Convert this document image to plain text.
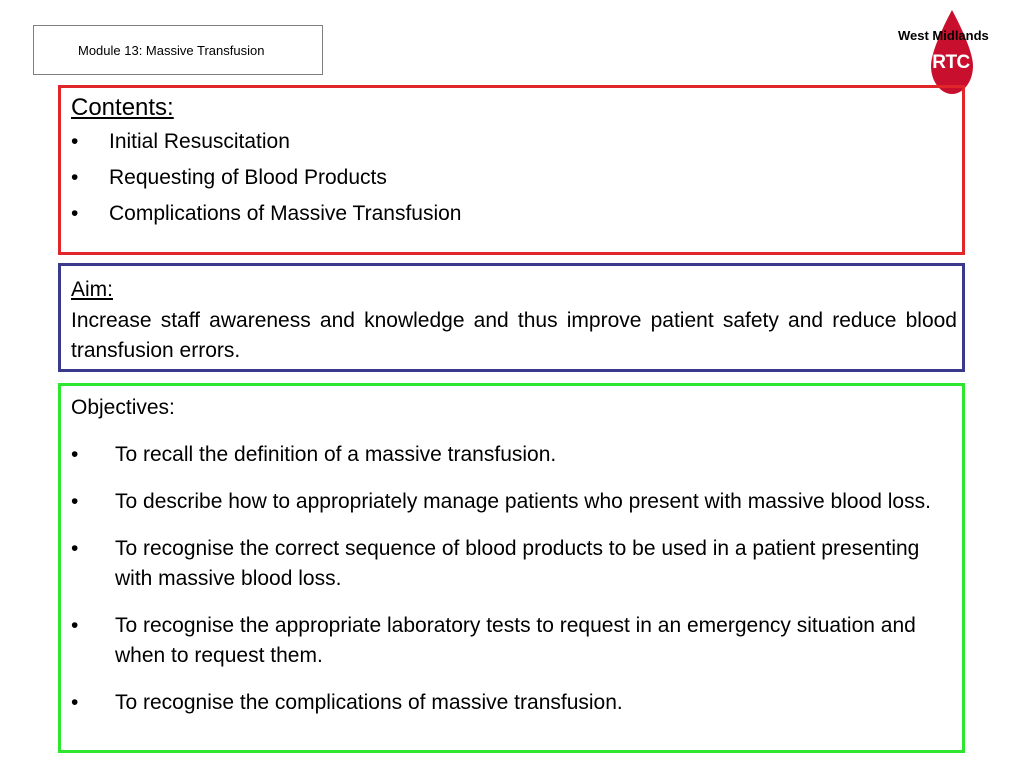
Module 13: Massive Transfusion
West Midlands
RTC
Contents:
•	Initial Resuscitation
•	Requesting of Blood Products
•	Complications of Massive Transfusion
Aim:
Increase staff awareness and knowledge and thus improve patient safety and reduce blood transfusion errors.
Objectives:
•	To recall the definition of a massive transfusion.
•	To describe how to appropriately manage patients who present with massive blood loss.
•	To recognise the correct sequence of blood products to be used in a patient presenting with massive blood loss.
•	To recognise the appropriate laboratory tests to request in an emergency situation and when to request them.
•	To recognise the complications of massive transfusion.
